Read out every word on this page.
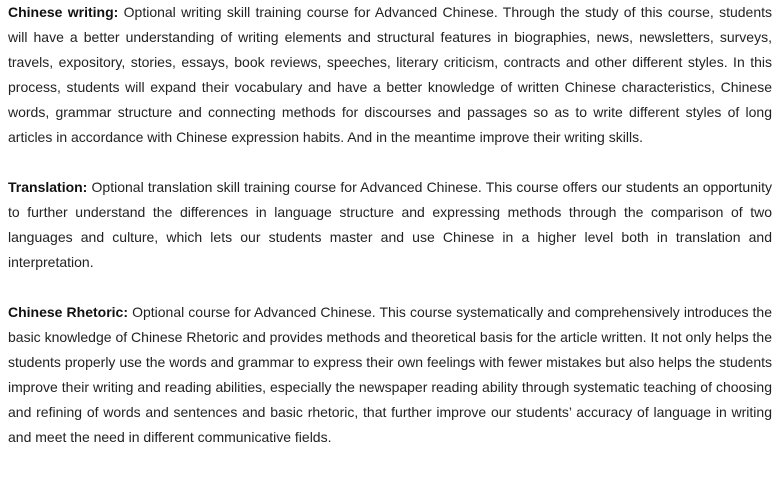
Chinese writing: Optional writing skill training course for Advanced Chinese. Through the study of this course, students will have a better understanding of writing elements and structural features in biographies, news, newsletters, surveys, travels, expository, stories, essays, book reviews, speeches, literary criticism, contracts and other different styles. In this process, students will expand their vocabulary and have a better knowledge of written Chinese characteristics, Chinese words, grammar structure and connecting methods for discourses and passages so as to write different styles of long articles in accordance with Chinese expression habits. And in the meantime improve their writing skills.

Translation: Optional translation skill training course for Advanced Chinese. This course offers our students an opportunity to further understand the differences in language structure and expressing methods through the comparison of two languages and culture, which lets our students master and use Chinese in a higher level both in translation and interpretation.

Chinese Rhetoric: Optional course for Advanced Chinese. This course systematically and comprehensively introduces the basic knowledge of Chinese Rhetoric and provides methods and theoretical basis for the article written. It not only helps the students properly use the words and grammar to express their own feelings with fewer mistakes but also helps the students improve their writing and reading abilities, especially the newspaper reading ability through systematic teaching of choosing and refining of words and sentences and basic rhetoric, that further improve our students’ accuracy of language in writing and meet the need in different communicative fields.
